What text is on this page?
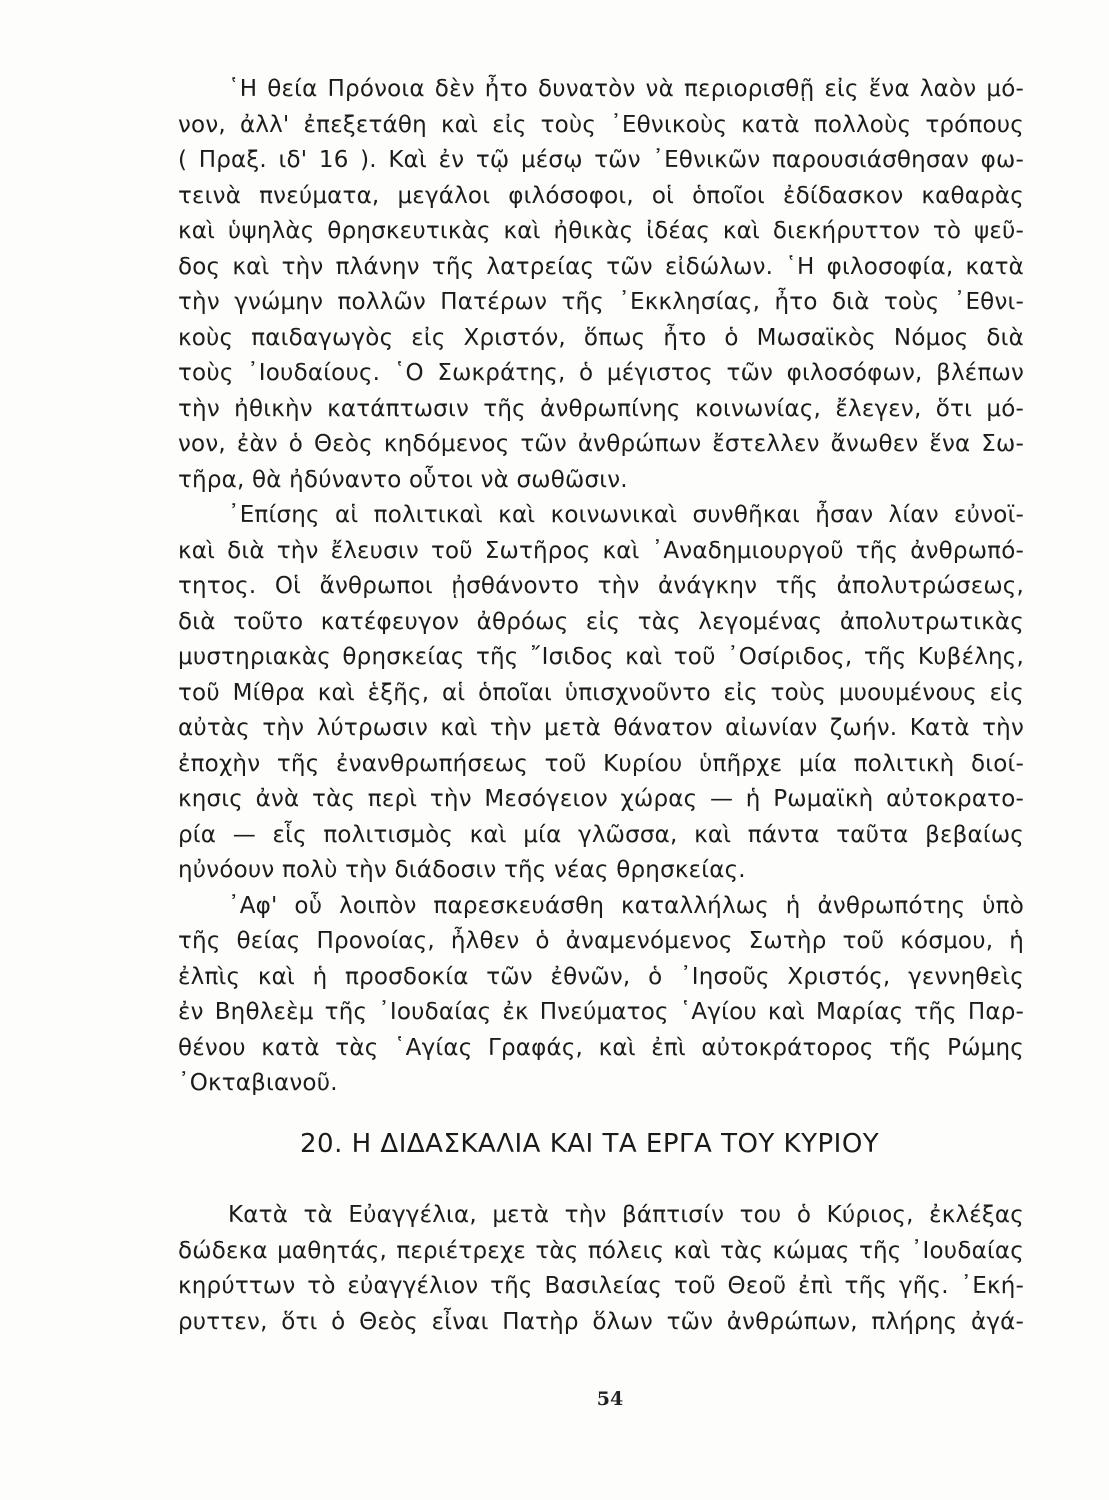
῾Η θεία Πρόνοια δὲν ἦτο δυνατὸν νὰ περιορισθῇ εἰς ἕνα λαὸν μό-
νον, ἀλλ' ἐπεξετάθη καὶ εἰς τοὺς ᾿Εθνικοὺς κατὰ πολλοὺς τρόπους
( Πραξ. ιδ' 16 ). Καὶ ἐν τῷ μέσῳ τῶν ᾿Εθνικῶν παρουσιάσθησαν φω-
τεινὰ πνεύματα, μεγάλοι φιλόσοφοι, οἱ ὁποῖοι ἐδίδασκον καθαρὰς
καὶ ὑψηλὰς θρησκευτικὰς καὶ ἠθικὰς ἰδέας καὶ διεκήρυττον τὸ ψεῦ-
δος καὶ τὴν πλάνην τῆς λατρείας τῶν εἰδώλων. ῾Η φιλοσοφία, κατὰ
τὴν γνώμην πολλῶν Πατέρων τῆς ᾿Εκκλησίας, ἦτο διὰ τοὺς ᾿Εθνι-
κοὺς παιδαγωγὸς εἰς Χριστόν, ὅπως ἦτο ὁ Μωσαϊκὸς Νόμος διὰ
τοὺς ᾿Ιουδαίους. ῾Ο Σωκράτης, ὁ μέγιστος τῶν φιλοσόφων, βλέπων
τὴν ἠθικὴν κατάπτωσιν τῆς ἀνθρωπίνης κοινωνίας, ἔλεγεν, ὅτι μό-
νον, ἐὰν ὁ Θεὸς κηδόμενος τῶν ἀνθρώπων ἔστελλεν ἄνωθεν ἕνα Σω-
τῆρα, θὰ ἠδύναντο οὗτοι νὰ σωθῶσιν.
᾿Επίσης αἱ πολιτικαὶ καὶ κοινωνικαὶ συνθῆκαι ἦσαν λίαν εὐνοϊ-
καὶ διὰ τὴν ἔλευσιν τοῦ Σωτῆρος καὶ ᾿Αναδημιουργοῦ τῆς ἀνθρωπό-
τητος. Οἱ ἄνθρωποι ᾐσθάνοντο τὴν ἀνάγκην τῆς ἀπολυτρώσεως,
διὰ τοῦτο κατέφευγον ἀθρόως εἰς τὰς λεγομένας ἀπολυτρωτικὰς
μυστηριακὰς θρησκείας τῆς ῎Ισιδος καὶ τοῦ ᾿Οσίριδος, τῆς Κυβέλης,
τοῦ Μίθρα καὶ ἑξῆς, αἱ ὁποῖαι ὑπισχνοῦντο εἰς τοὺς μυουμένους εἰς
αὐτὰς τὴν λύτρωσιν καὶ τὴν μετὰ θάνατον αἰωνίαν ζωήν. Κατὰ τὴν
ἐποχὴν τῆς ἐνανθρωπήσεως τοῦ Κυρίου ὑπῆρχε μία πολιτικὴ διοί-
κησις ἀνὰ τὰς περὶ τὴν Μεσόγειον χώρας — ἡ Ρωμαϊκὴ αὐτοκρατο-
ρία — εἷς πολιτισμὸς καὶ μία γλῶσσα, καὶ πάντα ταῦτα βεβαίως
ηὐνόουν πολὺ τὴν διάδοσιν τῆς νέας θρησκείας.
᾿Αφ' οὗ λοιπὸν παρεσκευάσθη καταλλήλως ἡ ἀνθρωπότης ὑπὸ
τῆς θείας Προνοίας, ἦλθεν ὁ ἀναμενόμενος Σωτὴρ τοῦ κόσμου, ἡ
ἐλπὶς καὶ ἡ προσδοκία τῶν ἐθνῶν, ὁ ᾿Ιησοῦς Χριστός, γεννηθεὶς
ἐν Βηθλεὲμ τῆς ᾿Ιουδαίας ἐκ Πνεύματος ῾Αγίου καὶ Μαρίας τῆς Παρ-
θένου κατὰ τὰς ῾Αγίας Γραφάς, καὶ ἐπὶ αὐτοκράτορος τῆς Ρώμης
᾿Οκταβιανοῦ.
20. Η ΔΙΔΑΣΚΑΛΙΑ ΚΑΙ ΤΑ ΕΡΓΑ ΤΟΥ ΚΥΡΙΟΥ
Κατὰ τὰ Εὐαγγέλια, μετὰ τὴν βάπτισίν του ὁ Κύριος, ἐκλέξας
δώδεκα μαθητάς, περιέτρεχε τὰς πόλεις καὶ τὰς κώμας τῆς ᾿Ιουδαίας
κηρύττων τὸ εὐαγγέλιον τῆς Βασιλείας τοῦ Θεοῦ ἐπὶ τῆς γῆς. ᾿Εκή-
ρυττεν, ὅτι ὁ Θεὸς εἶναι Πατὴρ ὅλων τῶν ἀνθρώπων, πλήρης ἀγά-
54
